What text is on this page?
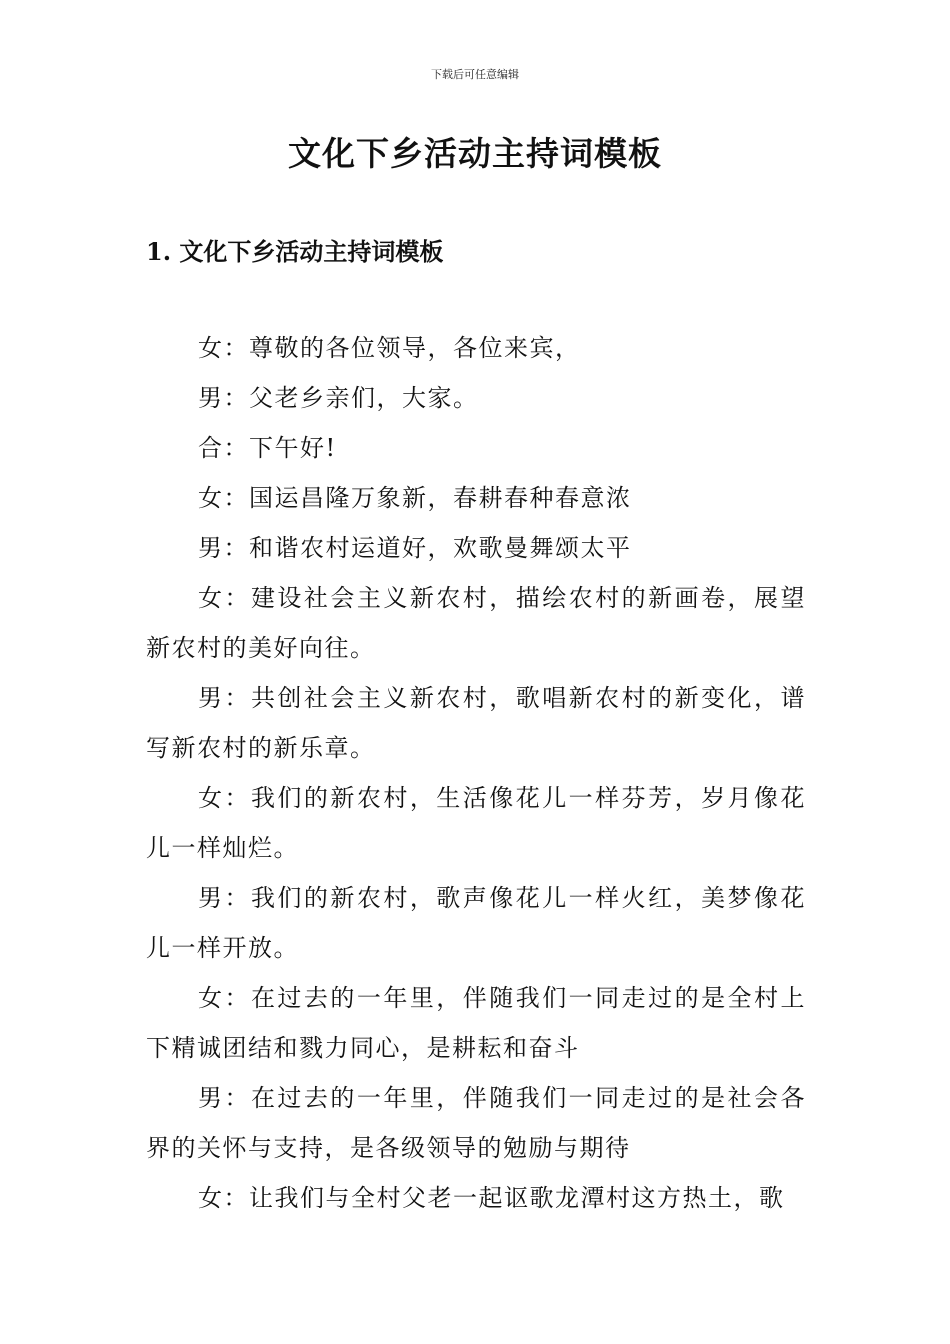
下载后可任意编辑
文化下乡活动主持词模板
1. 文化下乡活动主持词模板

女：尊敬的各位领导，各位来宾，

男：父老乡亲们，大家。

合：下午好!

女：国运昌隆万象新，春耕春种春意浓

男：和谐农村运道好，欢歌曼舞颂太平

女：建设社会主义新农村，描绘农村的新画卷，展望新农村的美好向往。

男：共创社会主义新农村，歌唱新农村的新变化，谱写新农村的新乐章。

女：我们的新农村，生活像花儿一样芬芳，岁月像花儿一样灿烂。

男：我们的新农村，歌声像花儿一样火红，美梦像花儿一样开放。

女：在过去的一年里，伴随我们一同走过的是全村上下精诚团结和戮力同心，是耕耘和奋斗

男：在过去的一年里，伴随我们一同走过的是社会各界的关怀与支持，是各级领导的勉励与期待

女：让我们与全村父老一起讴歌龙潭村这方热土，歌
